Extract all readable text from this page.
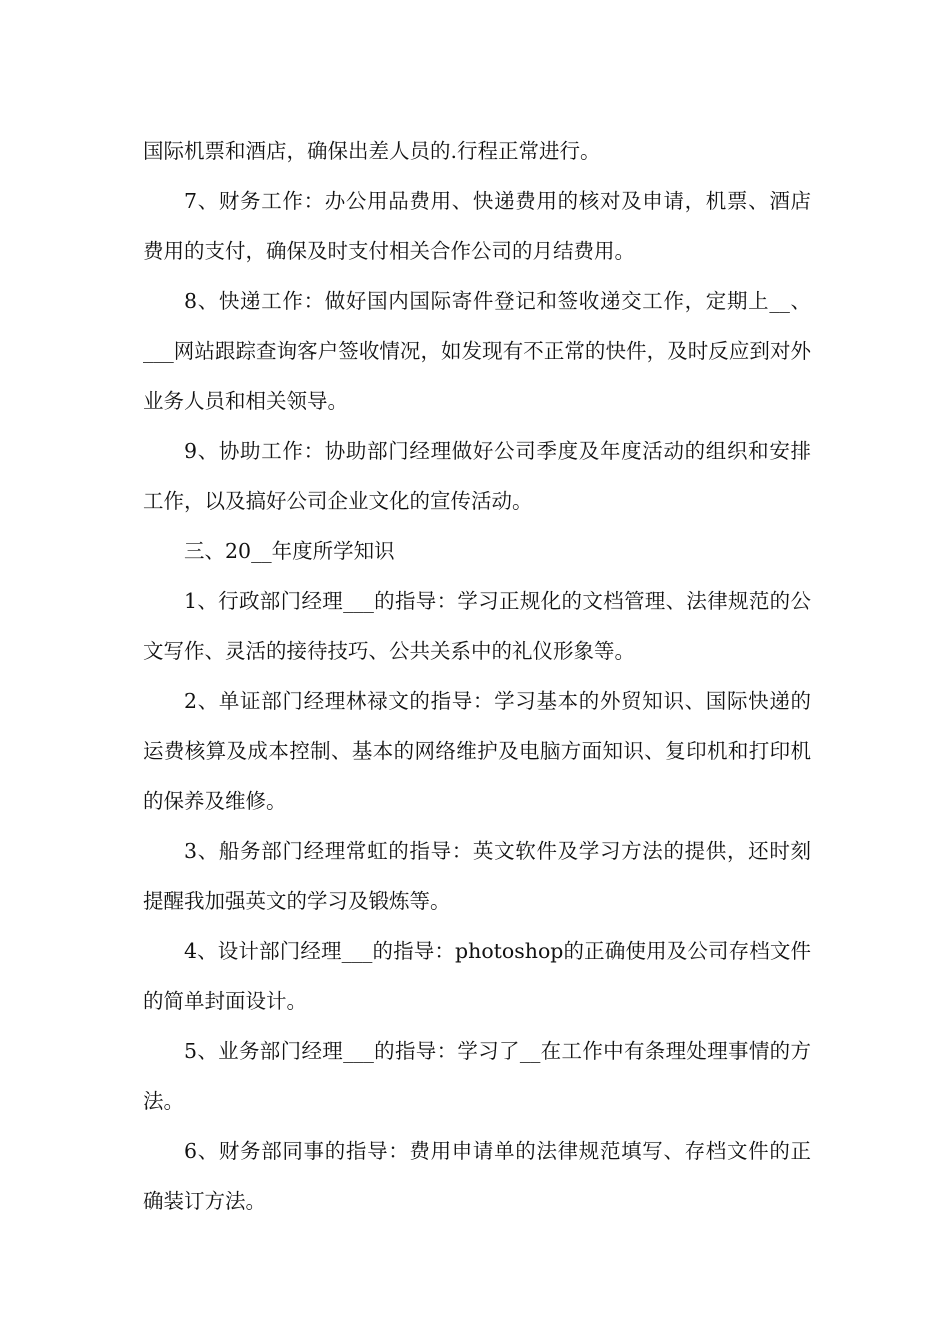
国际机票和酒店，确保出差人员的.行程正常进行。

7、财务工作：办公用品费用、快递费用的核对及申请，机票、酒店费用的支付，确保及时支付相关合作公司的月结费用。

8、快递工作：做好国内国际寄件登记和签收递交工作，定期上__、___网站跟踪查询客户签收情况，如发现有不正常的快件，及时反应到对外业务人员和相关领导。

9、协助工作：协助部门经理做好公司季度及年度活动的组织和安排工作，以及搞好公司企业文化的宣传活动。

三、20__年度所学知识

1、行政部门经理___的指导：学习正规化的文档管理、法律规范的公文写作、灵活的接待技巧、公共关系中的礼仪形象等。

2、单证部门经理林禄文的指导：学习基本的外贸知识、国际快递的运费核算及成本控制、基本的网络维护及电脑方面知识、复印机和打印机的保养及维修。

3、船务部门经理常虹的指导：英文软件及学习方法的提供，还时刻提醒我加强英文的学习及锻炼等。

4、设计部门经理___的指导：photoshop的正确使用及公司存档文件的简单封面设计。

5、业务部门经理___的指导：学习了__在工作中有条理处理事情的方法。

6、财务部同事的指导：费用申请单的法律规范填写、存档文件的正确装订方法。
